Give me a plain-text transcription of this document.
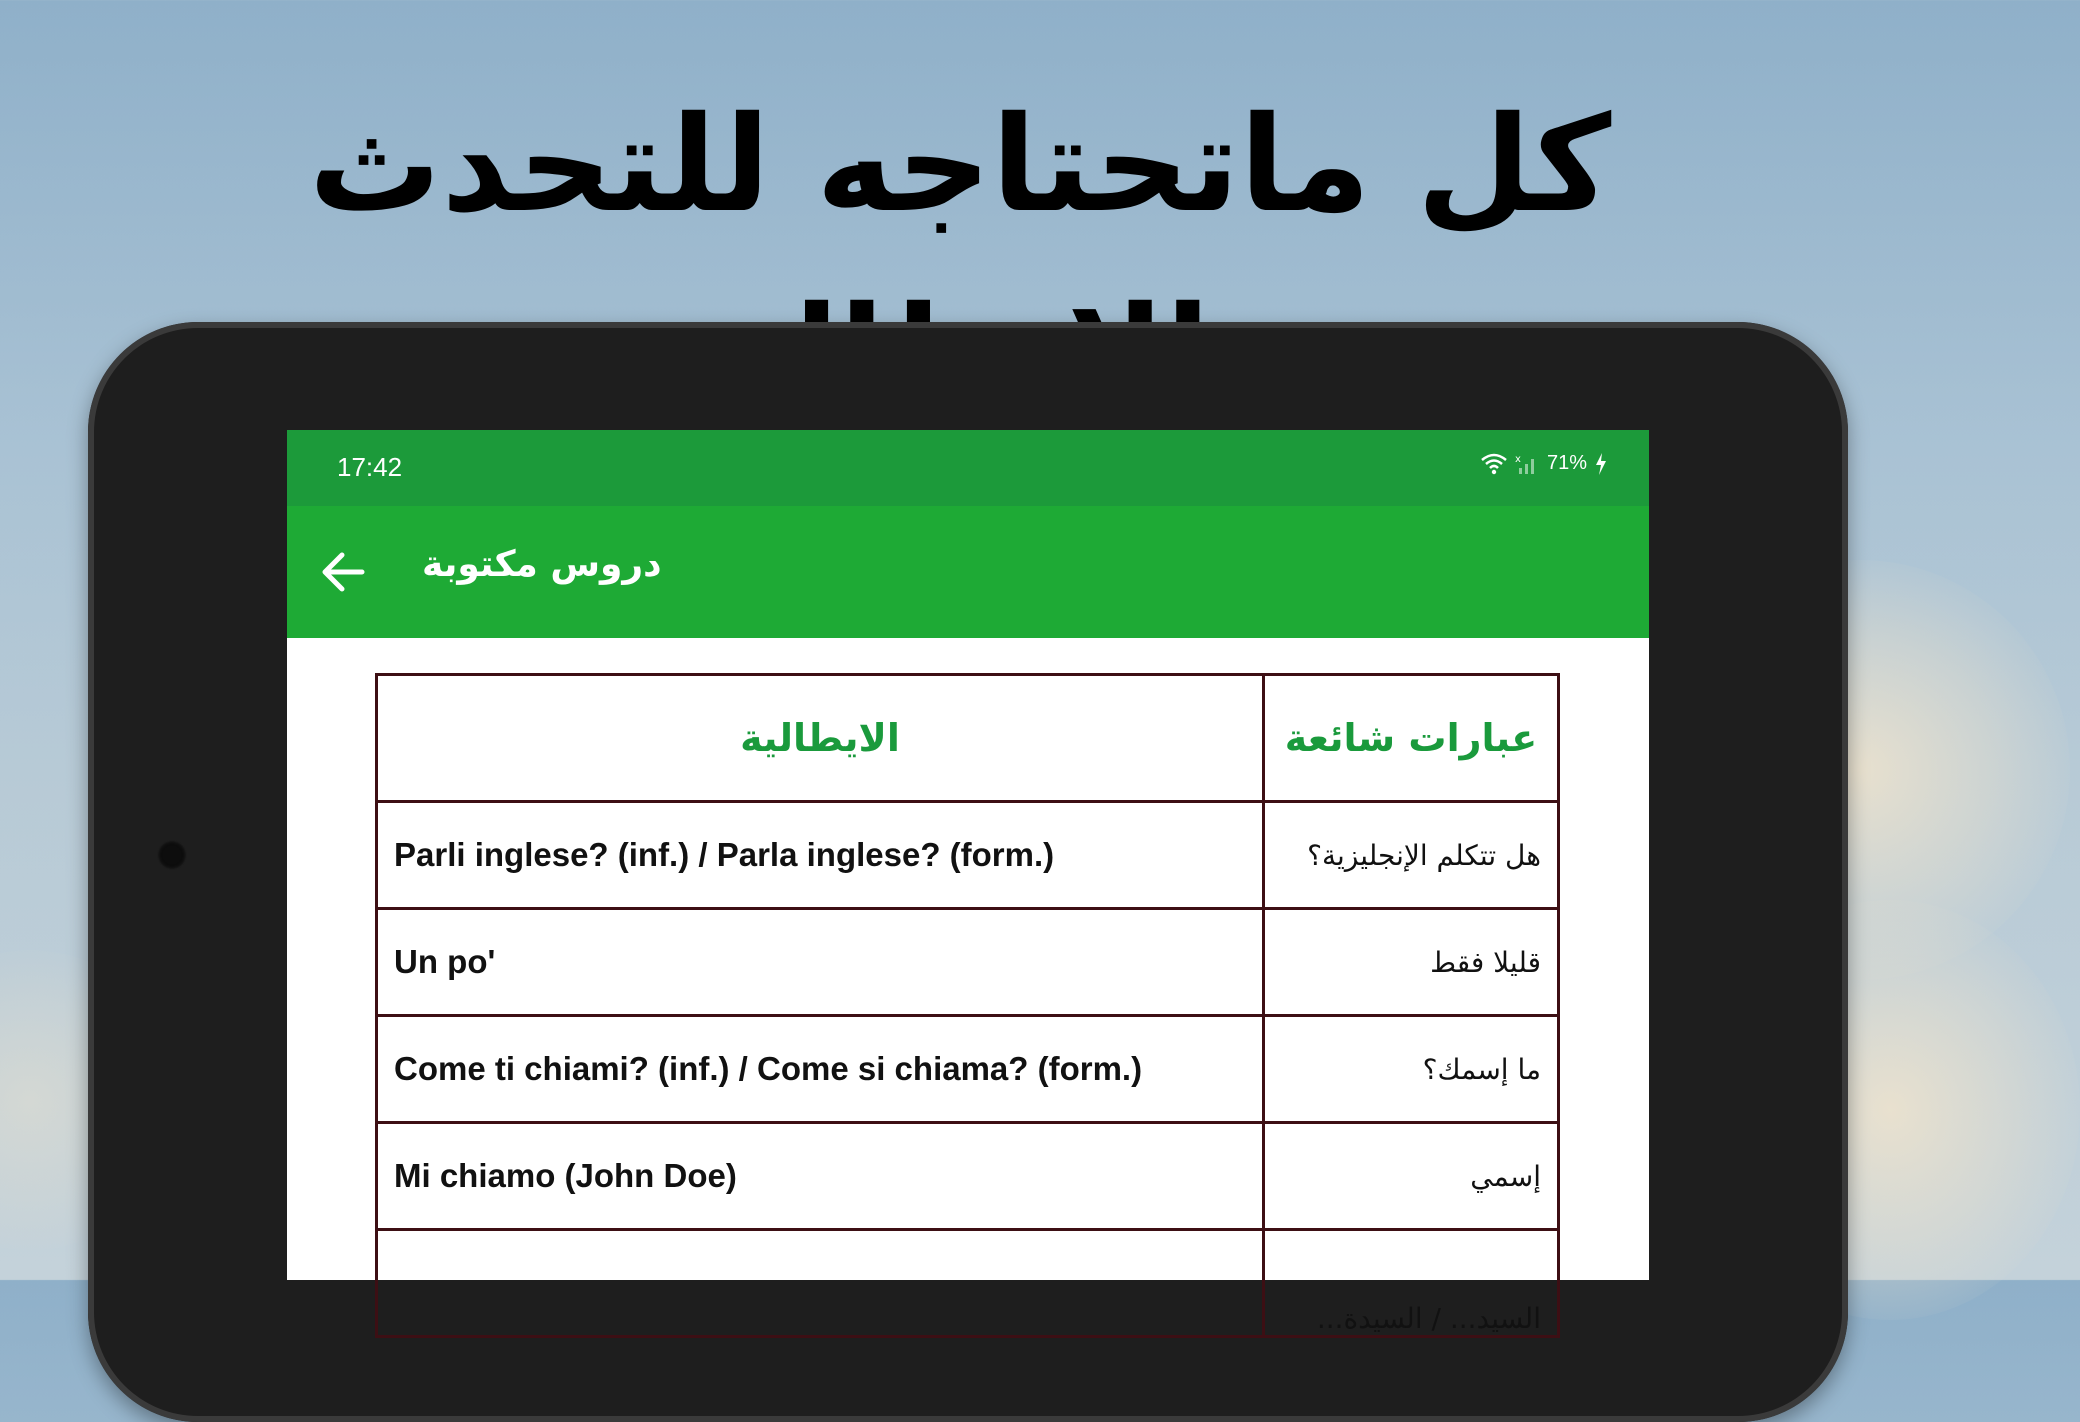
كل ماتحتاجه للتحدث
17:42	x 71%
دروس مكتوبة
الايطالية	عبارات شائعة
Parli inglese? (inf.) / Parla inglese? (form.)	هل تتكلم الإنجليزية؟
Un po'	قليلا فقط
Come ti chiami? (inf.) / Come si chiama? (form.)	ما إسمك؟
Mi chiamo (John Doe)	إسمي
	السيد... / السيدة...
